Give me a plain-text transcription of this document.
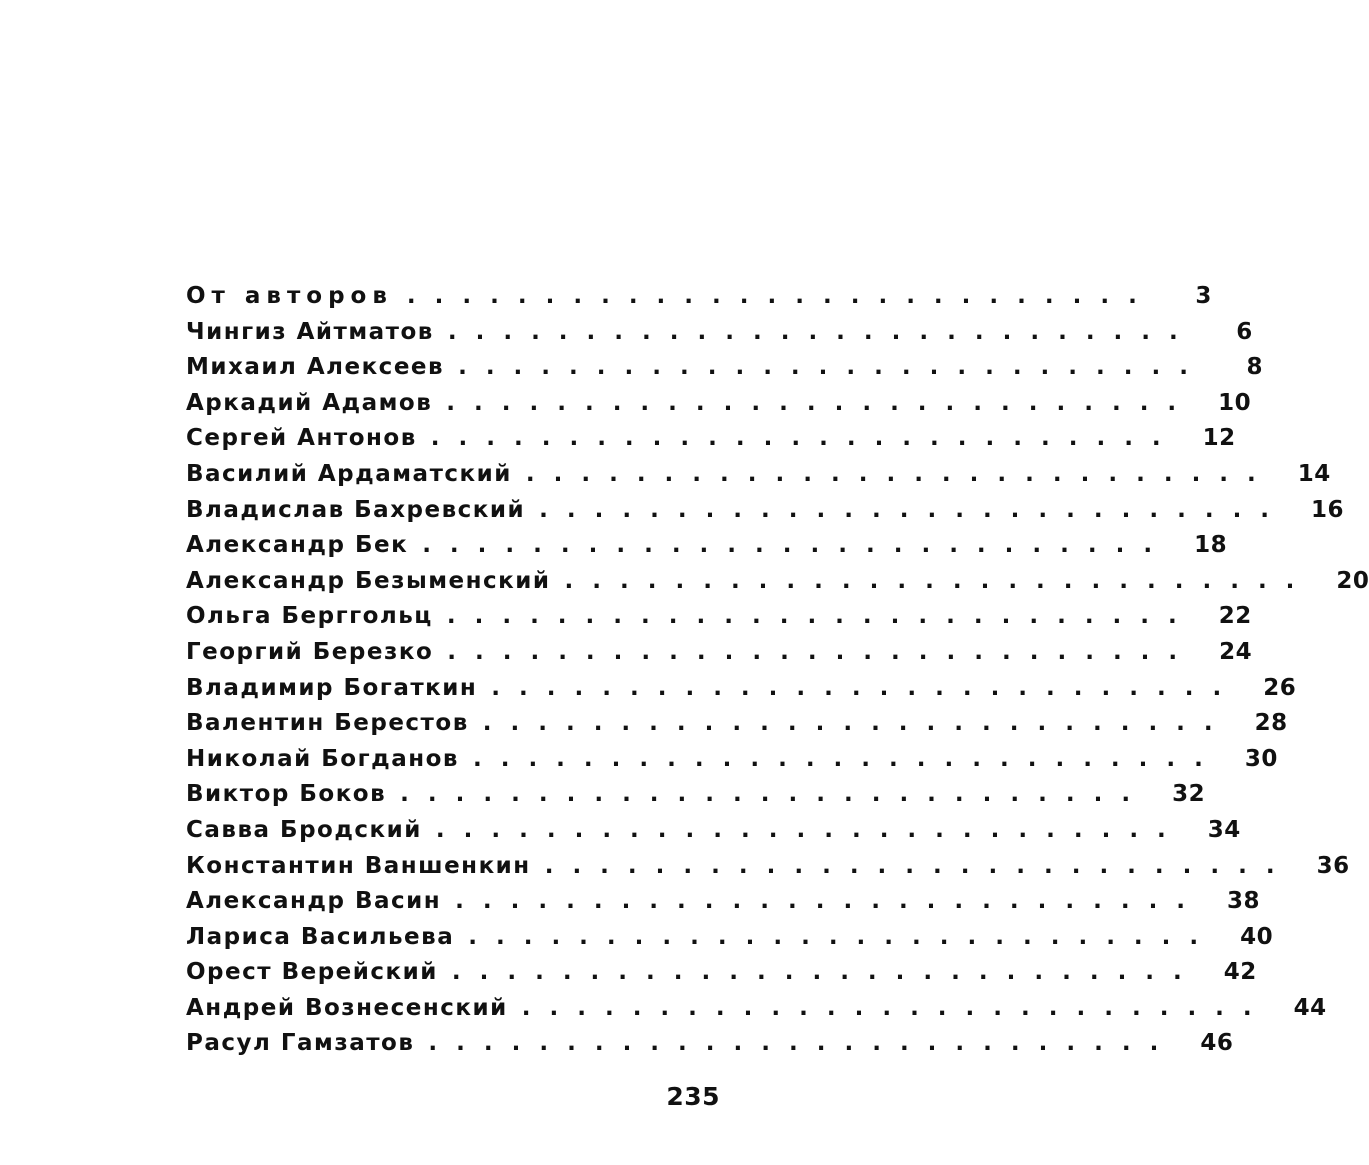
От авторов ...........................	3
Чингиз Айтматов ...........................	6
Михаил Алексеев ...........................	8
Аркадий Адамов ........................... 10
Сергей Антонов ........................... 12
Василий Ардаматский ........................... 14
Владислав Бахревский ........................... 16
Александр Бек ........................... 18
Александр Безыменский ........................... 20
Ольга Берггольц ........................... 22
Георгий Березко ........................... 24
Владимир Богаткин ........................... 26
Валентин Берестов ........................... 28
Николай Богданов ........................... 30
Виктор Боков ........................... 32
Савва Бродский ........................... 34
Константин Ваншенкин ........................... 36
Александр Васин ........................... 38
Лариса Васильева ........................... 40
Орест Верейский ........................... 42
Андрей Вознесенский ........................... 44
Расул Гамзатов ........................... 46
235
